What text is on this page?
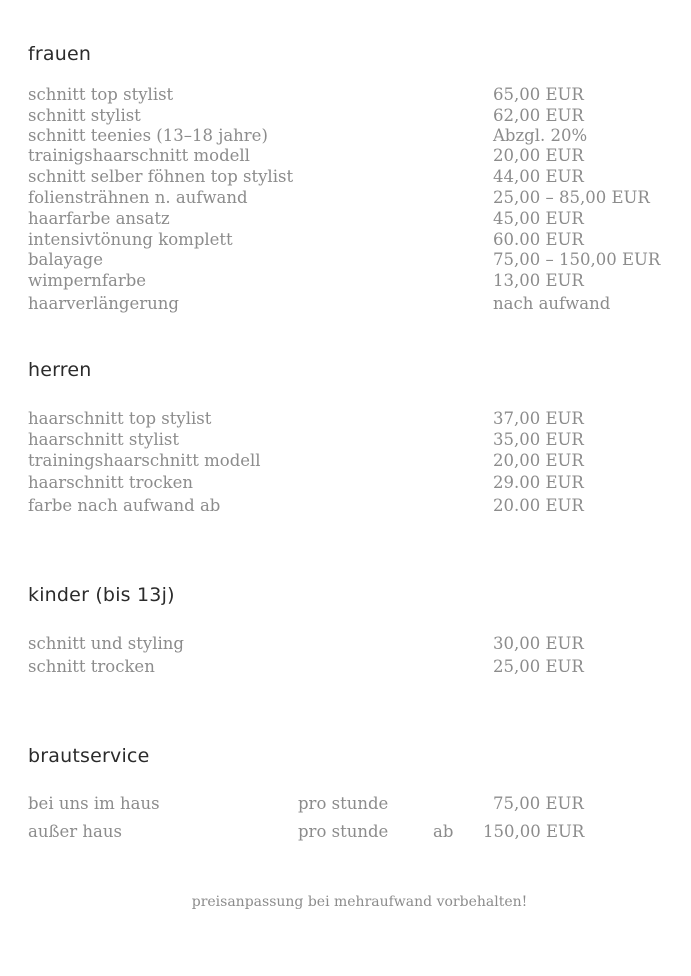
frauen
schnitt top stylist	65,00 EUR
schnitt stylist	62,00 EUR
schnitt teenies (13–18 jahre)	Abzgl. 20%
trainigshaarschnitt modell	20,00 EUR
schnitt selber föhnen top stylist	44,00 EUR
foliensträhnen n. aufwand	25,00 – 85,00 EUR
haarfarbe ansatz	45,00 EUR
intensivtönung komplett	60.00 EUR
balayage	75,00 – 150,00 EUR
wimpernfarbe	13,00 EUR
haarverlängerung	nach aufwand
herren
haarschnitt top stylist	37,00 EUR
haarschnitt stylist	35,00 EUR
trainingshaarschnitt modell	20,00 EUR
haarschnitt trocken	29.00 EUR
farbe nach aufwand ab	20.00 EUR
kinder (bis 13j)
schnitt und styling	30,00 EUR
schnitt trocken	25,00 EUR
brautservice
bei uns im haus	pro stunde	75,00 EUR
außer haus	pro stunde	ab 150,00 EUR
preisanpassung bei mehraufwand vorbehalten!
